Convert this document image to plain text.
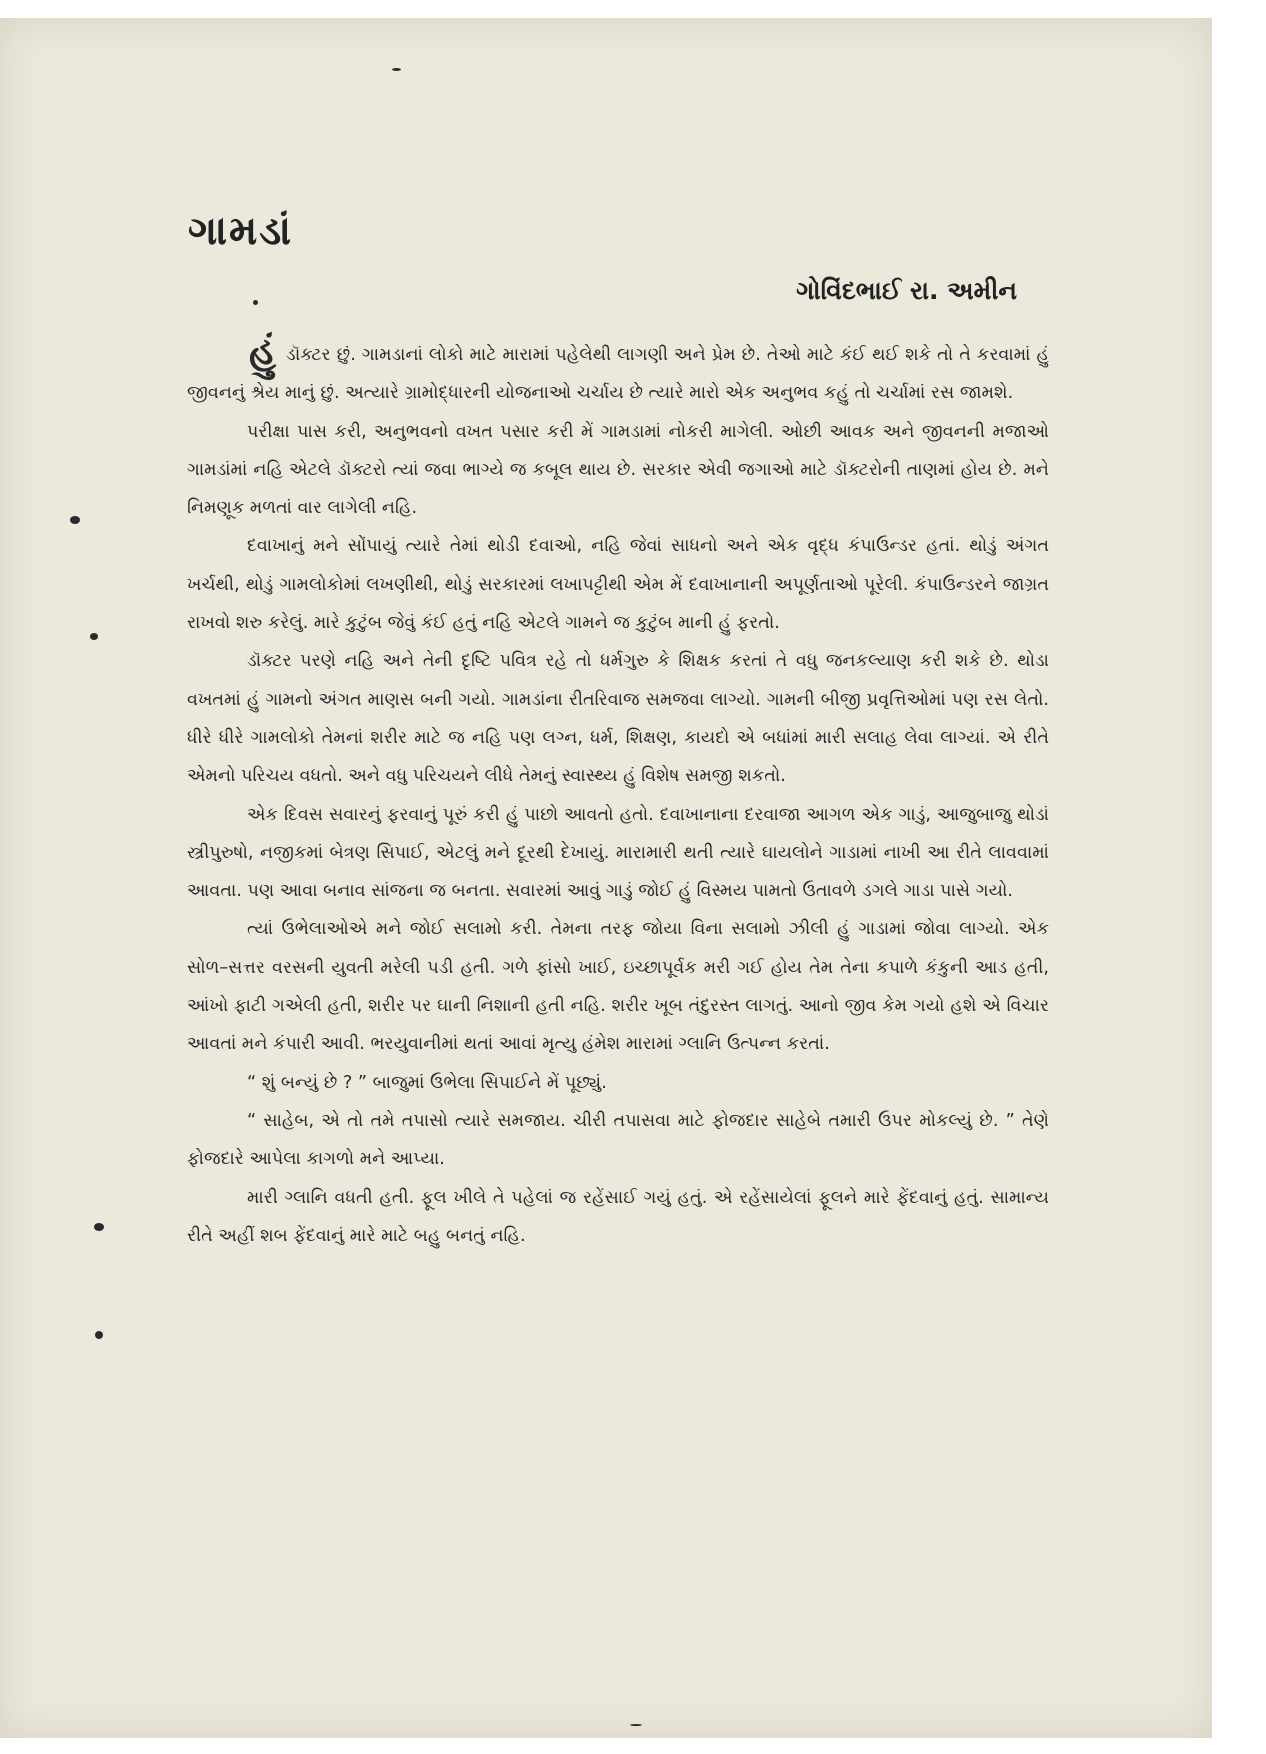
ગામડાં

ગોવિંદભાઈ રા. અમીન

હુંડૉક્ટર છું. ગામડાનાં લોકો માટે મારામાં પહેલેથી લાગણી અને પ્રેમ છે. તેઓ માટે કંઈ થઈ શકે તો તે કરવામાં હું જીવનનું શ્રેય માનું છું. અત્યારે ગ્રામોદ્ધારની યોજનાઓ ચર્ચાય છે ત્યારે મારો એક અનુભવ કહું તો ચર્ચામાં રસ જામશે.

પરીક્ષા પાસ કરી, અનુભવનો વખત પસાર કરી મેં ગામડામાં નોકરી માગેલી. ઓછી આવક અને જીવનની મજાઓ ગામડાંમાં નહિ એટલે ડૉક્ટરો ત્યાં જવા ભાગ્યે જ કબૂલ થાય છે. સરકાર એવી જગાઓ માટે ડૉક્ટરોની તાણમાં હોય છે. મને નિમણૂક મળતાં વાર લાગેલી નહિ.

દવાખાનું મને સોંપાયું ત્યારે તેમાં થોડી દવાઓ, નહિ જેવાં સાધનો અને એક વૃદ્ધ કંપાઉન્ડર હતાં. થોડું અંગત ખર્ચથી, થોડું ગામલોકોમાં લખણીથી, થોડું સરકારમાં લખાપટ્ટીથી એમ મેં દવાખાનાની અપૂર્ણતાઓ પૂરેલી. કંપાઉન્ડરને જાગ્રત રાખવો શરુ કરેલું. મારે કુટુંબ જેવું કંઈ હતું નહિ એટલે ગામને જ કુટુંબ માની હું ફરતો.

ડૉક્ટર પરણે નહિ અને તેની દૃષ્ટિ પવિત્ર રહે તો ધર્મગુરુ કે શિક્ષક કરતાં તે વધુ જનકલ્યાણ કરી શકે છે. થોડા વખતમાં હું ગામનો અંગત માણસ બની ગયો. ગામડાંના રીતરિવાજ સમજવા લાગ્યો. ગામની બીજી પ્રવૃત્તિઓમાં પણ રસ લેતો. ધીરે ધીરે ગામલોકો તેમનાં શરીર માટે જ નહિ પણ લગ્ન, ધર્મ, શિક્ષણ, કાયદો એ બધાંમાં મારી સલાહ લેવા લાગ્યાં. એ રીતે એમનો પરિચય વધતો. અને વધુ પરિચયને લીધે તેમનું સ્વાસ્થ્ય હું વિશેષ સમજી શકતો.

એક દિવસ સવારનું ફરવાનું પૂરું કરી હું પાછો આવતો હતો. દવાખાનાના દરવાજા આગળ એક ગાડું, આજુબાજુ થોડાં સ્ત્રીપુરુષો, નજીકમાં બેત્રણ સિપાઈ, એટલું મને દૂરથી દેખાયું. મારામારી થતી ત્યારે ઘાયલોને ગાડામાં નાખી આ રીતે લાવવામાં આવતા. પણ આવા બનાવ સાંજના જ બનતા. સવારમાં આવું ગાડું જોઈ હું વિસ્મય પામતો ઉતાવળે ડગલે ગાડા પાસે ગયો.

ત્યાં ઉભેલાઓએ મને જોઈ સલામો કરી. તેમના તરફ જોયા વિના સલામો ઝીલી હું ગાડામાં જોવા લાગ્યો. એક સોળ–સત્તર વરસની યુવતી મરેલી પડી હતી. ગળે ફાંસો ખાઈ, ઇચ્છાપૂર્વક મરી ગઈ હોય તેમ તેના કપાળે કંકુની આડ હતી, આંખો ફાટી ગએલી હતી, શરીર પર ઘાની નિશાની હતી નહિ. શરીર ખૂબ તંદુરસ્ત લાગતું. આનો જીવ કેમ ગયો હશે એ વિચાર આવતાં મને કંપારી આવી. ભરયુવાનીમાં થતાં આવાં મૃત્યુ હંમેશ મારામાં ગ્લાનિ ઉત્પન્ન કરતાં.

“ શું બન્યું છે ? ” બાજુમાં ઉભેલા સિપાઈને મેં પૂછ્યું.

“ સાહેબ, એ તો તમે તપાસો ત્યારે સમજાય. ચીરી તપાસવા માટે ફોજદાર સાહેબે તમારી ઉપર મોકલ્યું છે. ” તેણે ફોજદારે આપેલા કાગળો મને આપ્યા.

મારી ગ્લાનિ વધતી હતી. ફૂલ ખીલે તે પહેલાં જ રહેંસાઈ ગયું હતું. એ રહેંસાયેલાં ફૂલને મારે ફેંદવાનું હતું. સામાન્ય રીતે અહીં શબ ફેંદવાનું મારે માટે બહુ બનતું નહિ.
